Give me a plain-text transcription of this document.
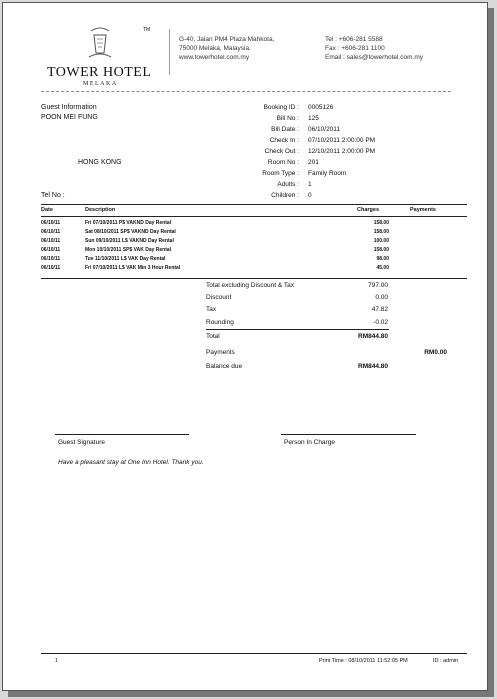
TM
TOWER HOTEL
MELAKA
G-40, Jalan PM4 Plaza Mahkota,
75000 Melaka, Malaysia.
www.towerhotel.com.my
Tel : +606-281 5588
Fax : +606-281 1100
Email : sales@towerhotel.com.my
Guest Information
POON MEI FUNG
HONG KONG
Tel No :
Booking ID : 0005126
Bill No : 125
Bill Date : 06/10/2011
Check In : 07/10/2011 2:00:00 PM
Check Out : 12/10/2011 2:00:00 PM
Room No : 201
Room Type : Family Room
Adults : 1
Children : 0
Date	Description	Charges	Payments
06/10/11	Fri 07/10/2011 P$ VAKND Day Rental	158.00
06/10/11	Sat 08/10/2011 SP$ VAKND Day Rental	158.00
06/10/11	Sun 09/10/2011 L$ VAKND Day Rental	100.00
06/10/11	Mon 10/10/2011 SP$ VAK Day Rental	158.00
06/10/11	Tue 11/10/2011 L$ VAK Day Rental	98.00
06/10/11	Fri 07/10/2011 L$ VAK Min 3 Hour Rental	45.00
Total excluding Discount & Tax	797.00
Discount	0.00
Tax	47.82
Rounding	-0.02
Total	RM844.80
Payments	RM0.00
Balance due	RM844.80
Guest Signature	Person In Charge
Have a pleasant stay at One Inn Hotel. Thank you.
1	Print Time : 08/10/2011 11:52:05 PM	ID : admin
